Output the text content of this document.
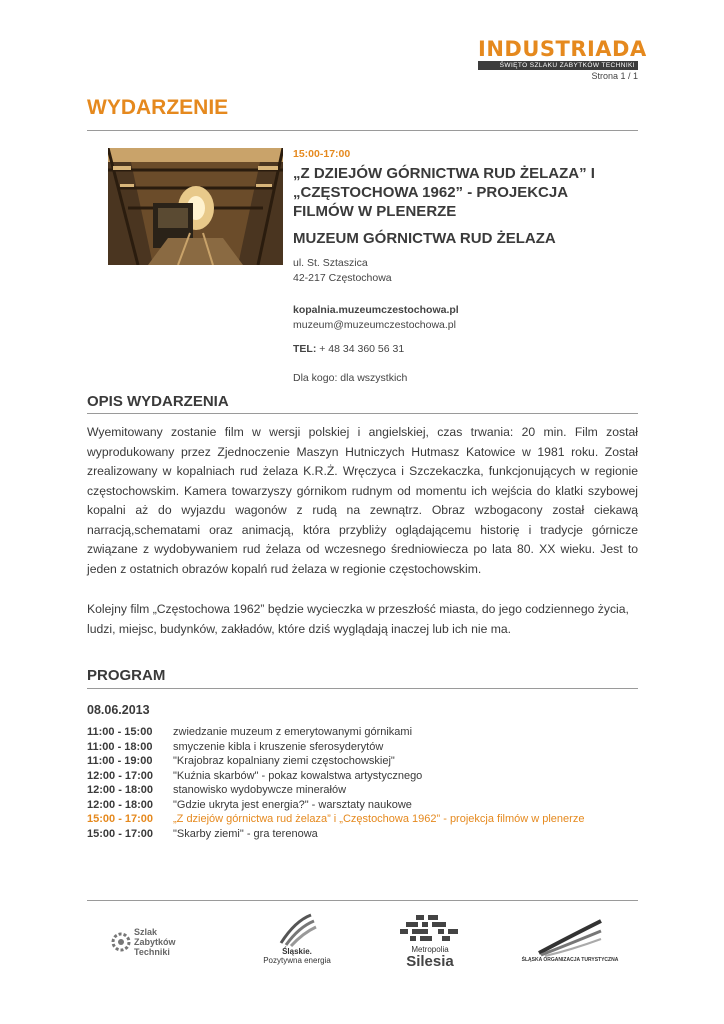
INDUSTRIADA
ŚWIĘTO SZLAKU ZABYTKÓW TECHNIKI
Strona 1 / 1
WYDARZENIE
15:00-17:00
„Z DZIEJÓW GÓRNICTWA RUD ŻELAZA” I „CZĘSTOCHOWA 1962” - PROJEKCJA FILMÓW W PLENERZE
MUZEUM GÓRNICTWA RUD ŻELAZA
ul. St. Sztaszica
42-217 Częstochowa
kopalnia.muzeumczestochowa.pl
muzeum@muzeumczestochowa.pl
TEL: + 48 34 360 56 31
Dla kogo: dla wszystkich
OPIS WYDARZENIA
Wyemitowany zostanie film w wersji polskiej i angielskiej, czas trwania: 20 min. Film został wyprodukowany przez Zjednoczenie Maszyn Hutniczych Hutmasz Katowice w 1981 roku. Został zrealizowany w kopalniach rud żelaza K.R.Ż. Wręczyca i Szczekaczka, funkcjonujących w regionie częstochowskim. Kamera towarzyszy górnikom rudnym od momentu ich wejścia do klatki szybowej kopalni aż do wyjazdu wagonów z rudą na zewnątrz. Obraz wzbogacony został ciekawą narracją,schematami oraz animacją, która przybliży oglądającemu historię i tradycje górnicze związane z wydobywaniem rud żelaza od wczesnego średniowiecza po lata 80. XX wieku. Jest to jeden z ostatnich obrazów kopalń rud żelaza w regionie częstochowskim.
Kolejny film „Częstochowa 1962” będzie wycieczka w przeszłość miasta, do jego codziennego życia, ludzi, miejsc, budynków, zakładów, które dziś wyglądają inaczej lub ich nie ma.
PROGRAM
08.06.2013
11:00 - 15:00	zwiedzanie muzeum z emerytowanymi górnikami
11:00 - 18:00	smyczenie kibla i kruszenie sferosyderytów
11:00 - 19:00	"Krajobraz kopalniany ziemi częstochowskiej"
12:00 - 17:00	"Kuźnia skarbów" - pokaz kowalstwa artystycznego
12:00 - 18:00	stanowisko wydobywcze minerałów
12:00 - 18:00	"Gdzie ukryta jest energia?" - warsztaty naukowe
15:00 - 17:00	„Z dziejów górnictwa rud żelaza” i „Częstochowa 1962” - projekcja filmów w plenerze
15:00 - 17:00	"Skarby ziemi" - gra terenowa
Szlak Zabytków Techniki	Śląskie.
Pozytywna energia
Metropolia
Silesia	ŚLĄSKA ORGANIZACJA TURYSTYCZNA
